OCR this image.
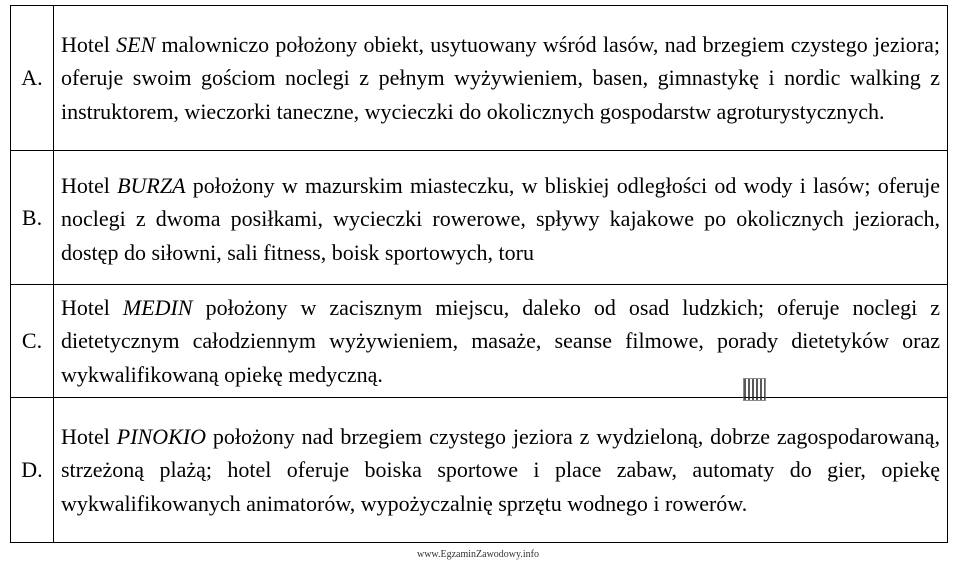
A.	Hotel SEN malowniczo położony obiekt, usytuowany wśród lasów, nad brzegiem czystego jeziora; oferuje swoim gościom noclegi z pełnym wyżywieniem, basen, gimnastykę i nordic walking z instruktorem, wieczorki taneczne, wycieczki do okolicznych gospodarstw agroturystycznych.
B.	Hotel BURZA położony w mazurskim miasteczku, w bliskiej odległości od wody i lasów; oferuje noclegi z dwoma posiłkami, wycieczki rowerowe, spływy kajakowe po okolicznych jeziorach, dostęp do siłowni, sali fitness, boisk sportowych, toru

C.	Hotel MEDIN położony w zacisznym miejscu, daleko od osad ludzkich; oferuje noclegi z dietetycznym całodziennym wyżywieniem, masaże, seanse filmowe, porady dietetyków oraz wykwalifikowaną opiekę medyczną.
D.	Hotel PINOKIO położony nad brzegiem czystego jeziora z wydzieloną, dobrze zagospodarowaną, strzeżoną plażą; hotel oferuje boiska sportowe i place zabaw, automaty do gier, opiekę wykwalifikowanych animatorów, wypożyczalnię sprzętu wodnego i rowerów.
www.EgzaminZawodowy.info
